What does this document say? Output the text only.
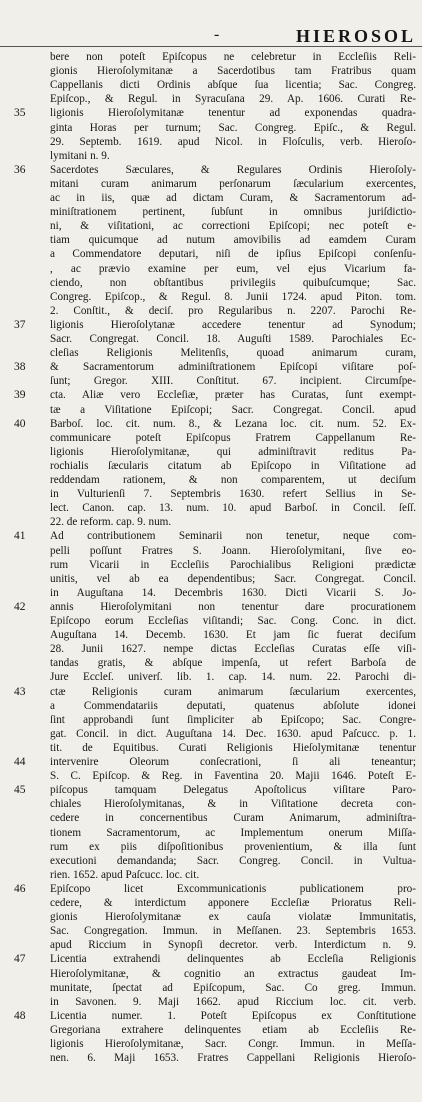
-	HIEROSOL
bere non poteſt Epiſcopus ne celebretur in Eccleſiis Reli-
gionis Hieroſolymitanæ a Sacerdotibus tam Fratribus quam
Cappellanis dicti Ordinis abſque ſua licentia; Sac. Congreg.
Epiſcop., & Regul. in Syracuſana 29. Ap. 1606. Curati Re-
35	ligionis Hieroſolymitanæ tenentur ad exponendas quadra-
ginta Horas per turnum; Sac. Congreg. Epiſc., & Regul.
29. Septemb. 1619. apud Nicol. in Floſculis, verb. Hieroſo-
lymitani n. 9.
36	Sacerdotes Sæculares, & Regulares Ordinis Hieroſoly-
mitani curam animarum perſonarum ſæcularium exercentes,
ac in iis, quæ ad dictam Curam, & Sacramentorum ad-
miniſtrationem pertinent, ſubſunt in omnibus juriſdictio-
ni, & viſitationi, ac correctioni Epiſcopi; nec poteſt e-
tiam quicumque ad nutum amovibilis ad eamdem Curam
a Commendatore deputari, niſi de ipſius Epiſcopi conſenſu-
, ac prævio examine per eum, vel ejus Vicarium fa-
ciendo, non obſtantibus privilegiis quibuſcumque; Sac.
Congreg. Epiſcop., & Regul. 8. Junii 1724. apud Piton. tom.
2. Conſtit., & deciſ. pro Regularibus n. 2207. Parochi Re-
37	ligionis Hieroſolytanæ accedere tenentur ad Synodum;
Sacr. Congregat. Concil. 18. Auguſti 1589. Parochiales Ec-
cleſias Religionis Melitenſis, quoad animarum curam,
38	& Sacramentorum adminiſtrationem Epiſcopi viſitare poſ-
ſunt; Gregor. XIII. Conſtitut. 67. incipient. Circumſpe-
39	cta. Aliæ vero Eccleſiæ, præter has Curatas, ſunt exempt-
tæ a Viſitatione Epiſcopi; Sacr. Congregat. Concil. apud
40	Barboſ. loc. cit. num. 8., & Lezana loc. cit. num. 52. Ex-
communicare poteſt Epiſcopus Fratrem Cappellanum Re-
ligionis Hieroſolymitanæ, qui adminiſtravit reditus Pa-
rochialis ſæcularis citatum ab Epiſcopo in Viſitatione ad
reddendam rationem, & non comparentem, ut deciſum
in Vulturienſi 7. Septembris 1630. refert Sellius in Se-
lect. Canon. cap. 13. num. 10. apud Barboſ. in Concil. ſeſſ.
22. de reform. cap. 9. num.
41	Ad contributionem Seminarii non tenetur, neque com-
pelli poſſunt Fratres S. Joann. Hieroſolymitani, ſive eo-
rum Vicarii in Eccleſiis Parochialibus Religioni prædictæ
unitis, vel ab ea dependentibus; Sacr. Congregat. Concil.
in Auguſtana 14. Decembris 1630. Dicti Vicarii S. Jo-
42	annis Hieroſolymitani non tenentur dare procurationem
Epiſcopo eorum Eccleſias viſitandi; Sac. Cong. Conc. in dict.
Auguſtana 14. Decemb. 1630. Et jam ſic fuerat deciſum
28. Junii 1627. nempe dictas Eccleſias Curatas eſſe viſi-
tandas gratis, & abſque impenſa, ut refert Barboſa de
Jure Eccleſ. univerſ. lib. 1. cap. 14. num. 22. Parochi di-
43	ctæ Religionis curam animarum ſæcularium exercentes,
a Commendatariis deputati, quatenus abſolute idonei
ſint approbandi ſunt ſimpliciter ab Epiſcopo; Sac. Congre-
gat. Concil. in dict. Auguſtana 14. Dec. 1630. apud Paſcucc. p. 1.
tit. de Equitibus. Curati Religionis Hieſolymitanæ tenentur
44	intervenire Oleorum conſecrationi, ſi ali teneantur;
S. C. Epiſcop. & Reg. in Faventina 20. Majii 1646. Poteſt E-
45	piſcopus tamquam Delegatus Apoſtolicus viſitare Paro-
chiales Hieroſolymitanas, & in Viſitatione decreta con-
cedere in concernentibus Curam Animarum, adminiſtra-
tionem Sacramentorum, ac Implementum onerum Miſſa-
rum ex piis diſpoſitionibus provenientium, & illa ſunt
executioni demandanda; Sacr. Congreg. Concil. in Vultua-
rien. 1652. apud Paſcucc. loc. cit.
46	Epiſcopo licet Excommunicationis publicationem pro-
cedere, & interdictum apponere Eccleſiæ Prioratus Reli-
gionis Hieroſolymitanæ ex cauſa violatæ Immunitatis,
Sac. Congregation. Immun. in Meſſanen. 23. Septembris 1653.
apud Riccium in Synopſi decretor. verb. Interdictum n. 9.
47	Licentia extrahendi delinquentes ab Eccleſia Religionis
Hieroſolymitanæ, & cognitio an extractus gaudeat Im-
munitate, ſpectat ad Epiſcopum, Sac. Co greg. Immun.
in Savonen. 9. Maji 1662. apud Riccium loc. cit. verb.
48	Licentia numer. 1. Poteſt Epiſcopus ex Conſtitutione
Gregoriana extrahere delinquentes etiam ab Eccleſiis Re-
ligionis Hieroſolymitanæ, Sacr. Congr. Immun. in Meſſa-
nen. 6. Maji 1653. Fratres Cappellani Religionis Hieroſo-
